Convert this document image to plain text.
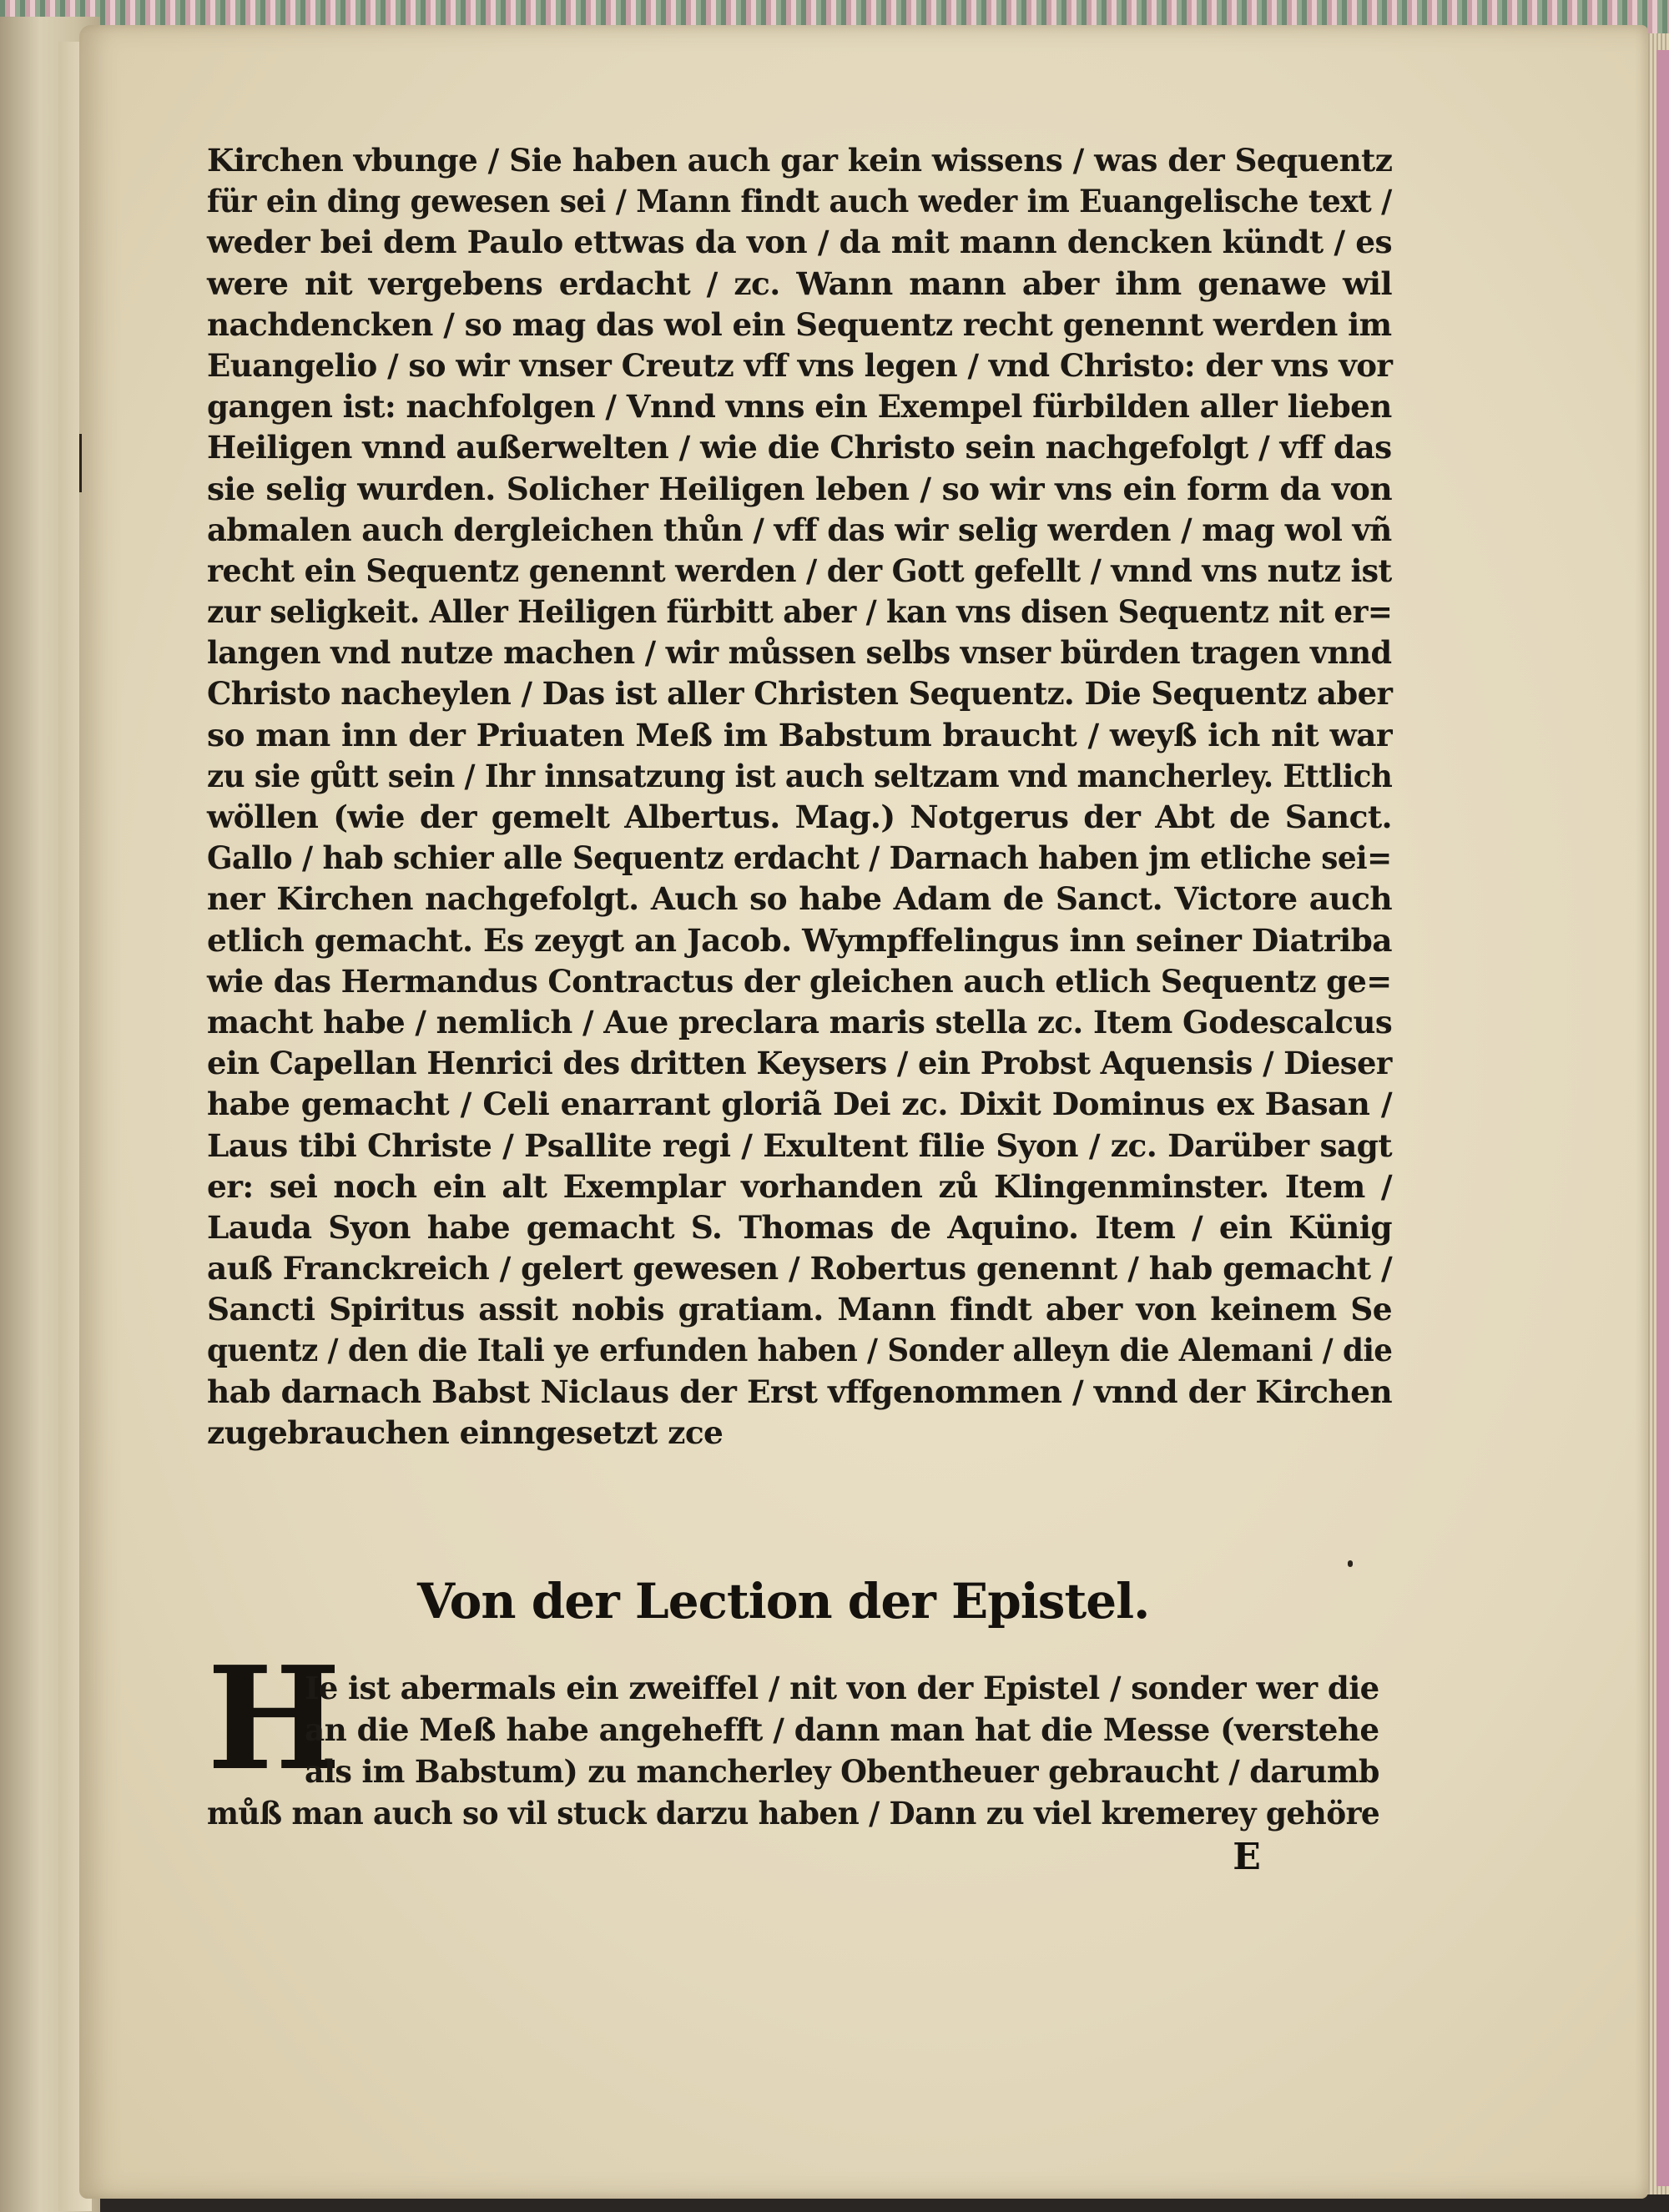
Kirchen vbunge / Sie haben auch gar kein wissens / was der Sequentz
für ein ding gewesen sei / Mann findt auch weder im Euangelische text /
weder bei dem Paulo ettwas da von / da mit mann dencken kündt / es
were nit vergebens erdacht / zc. Wann mann aber ihm genawe wil
nachdencken / so mag das wol ein Sequentz recht genennt werden im
Euangelio / so wir vnser Creutz vff vns legen / vnd Christo: der vns vor
gangen ist: nachfolgen / Vnnd vnns ein Exempel fürbilden aller lieben
Heiligen vnnd außerwelten / wie die Christo sein nachgefolgt / vff das
sie selig wurden. Solicher Heiligen leben / so wir vns ein form da von
abmalen auch dergleichen thůn / vff das wir selig werden / mag wol vñ
recht ein Sequentz genennt werden / der Gott gefellt / vnnd vns nutz ist
zur seligkeit. Aller Heiligen fürbitt aber / kan vns disen Sequentz nit er=
langen vnd nutze machen / wir můssen selbs vnser bürden tragen vnnd
Christo nacheylen / Das ist aller Christen Sequentz. Die Sequentz aber
so man inn der Priuaten Meß im Babstum braucht / weyß ich nit war
zu sie gůtt sein / Ihr innsatzung ist auch seltzam vnd mancherley. Ettlich
wöllen (wie der gemelt Albertus. Mag.) Notgerus der Abt de Sanct.
Gallo / hab schier alle Sequentz erdacht / Darnach haben jm etliche sei=
ner Kirchen nachgefolgt. Auch so habe Adam de Sanct. Victore auch
etlich gemacht. Es zeygt an Jacob. Wympffelingus inn seiner Diatriba
wie das Hermandus Contractus der gleichen auch etlich Sequentz ge=
macht habe / nemlich / Aue preclara maris stella zc. Item Godescalcus
ein Capellan Henrici des dritten Keysers / ein Probst Aquensis / Dieser
habe gemacht / Celi enarrant gloriã Dei zc. Dixit Dominus ex Basan /
Laus tibi Christe / Psallite regi / Exultent filie Syon / zc. Darüber sagt
er: sei noch ein alt Exemplar vorhanden zů Klingenminster. Item /
Lauda Syon habe gemacht S. Thomas de Aquino. Item / ein Künig
auß Franckreich / gelert gewesen / Robertus genennt / hab gemacht /
Sancti Spiritus assit nobis gratiam. Mann findt aber von keinem Se
quentz / den die Itali ye erfunden haben / Sonder alleyn die Alemani / die
hab darnach Babst Niclaus der Erst vffgenommen / vnnd der Kirchen
zugebrauchen einngesetzt zce
Von der Lection der Epistel.
H
Ie ist abermals ein zweiffel / nit von der Epistel / sonder wer die
an die Meß habe angehefft / dann man hat die Messe (verstehe
als im Babstum) zu mancherley Obentheuer gebraucht / darumb
můß man auch so vil stuck darzu haben / Dann zu viel kremerey gehöre
E
